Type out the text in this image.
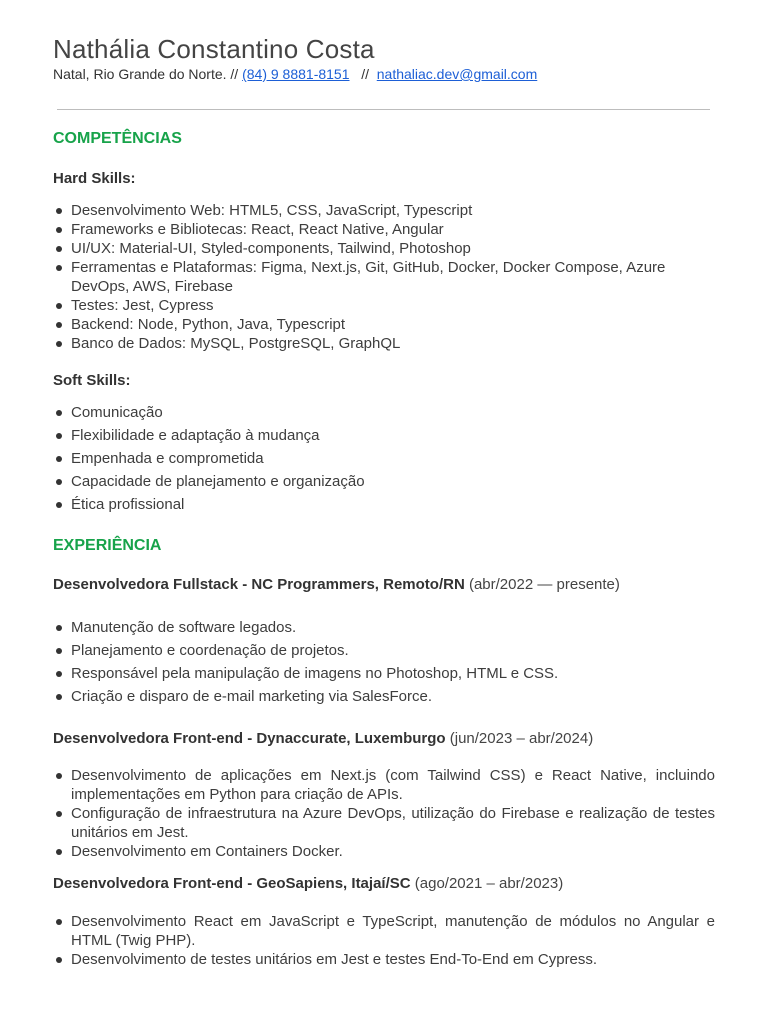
Nathália Constantino Costa
Natal, Rio Grande do Norte. // (84) 9 8881-8151 // nathaliac.dev@gmail.com
COMPETÊNCIAS
Hard Skills:
Desenvolvimento Web: HTML5, CSS, JavaScript, Typescript
Frameworks e Bibliotecas: React, React Native, Angular
UI/UX: Material-UI, Styled-components, Tailwind, Photoshop
Ferramentas e Plataformas: Figma, Next.js, Git, GitHub, Docker, Docker Compose, Azure DevOps, AWS, Firebase
Testes: Jest, Cypress
Backend: Node, Python, Java, Typescript
Banco de Dados: MySQL, PostgreSQL, GraphQL
Soft Skills:
Comunicação
Flexibilidade e adaptação à mudança
Empenhada e comprometida
Capacidade de planejamento e organização
Ética profissional
EXPERIÊNCIA
Desenvolvedora Fullstack - NC Programmers, Remoto/RN (abr/2022 — presente)
Manutenção de software legados.
Planejamento e coordenação de projetos.
Responsável pela manipulação de imagens no Photoshop, HTML e CSS.
Criação e disparo de e-mail marketing via SalesForce.
Desenvolvedora Front-end - Dynaccurate, Luxemburgo (jun/2023 – abr/2024)
Desenvolvimento de aplicações em Next.js (com Tailwind CSS) e React Native, incluindo implementações em Python para criação de APIs.
Configuração de infraestrutura na Azure DevOps, utilização do Firebase e realização de testes unitários em Jest.
Desenvolvimento em Containers Docker.
Desenvolvedora Front-end - GeoSapiens, Itajaí/SC (ago/2021 – abr/2023)
Desenvolvimento React em JavaScript e TypeScript, manutenção de módulos no Angular e HTML (Twig PHP).
Desenvolvimento de testes unitários em Jest e testes End-To-End em Cypress.
